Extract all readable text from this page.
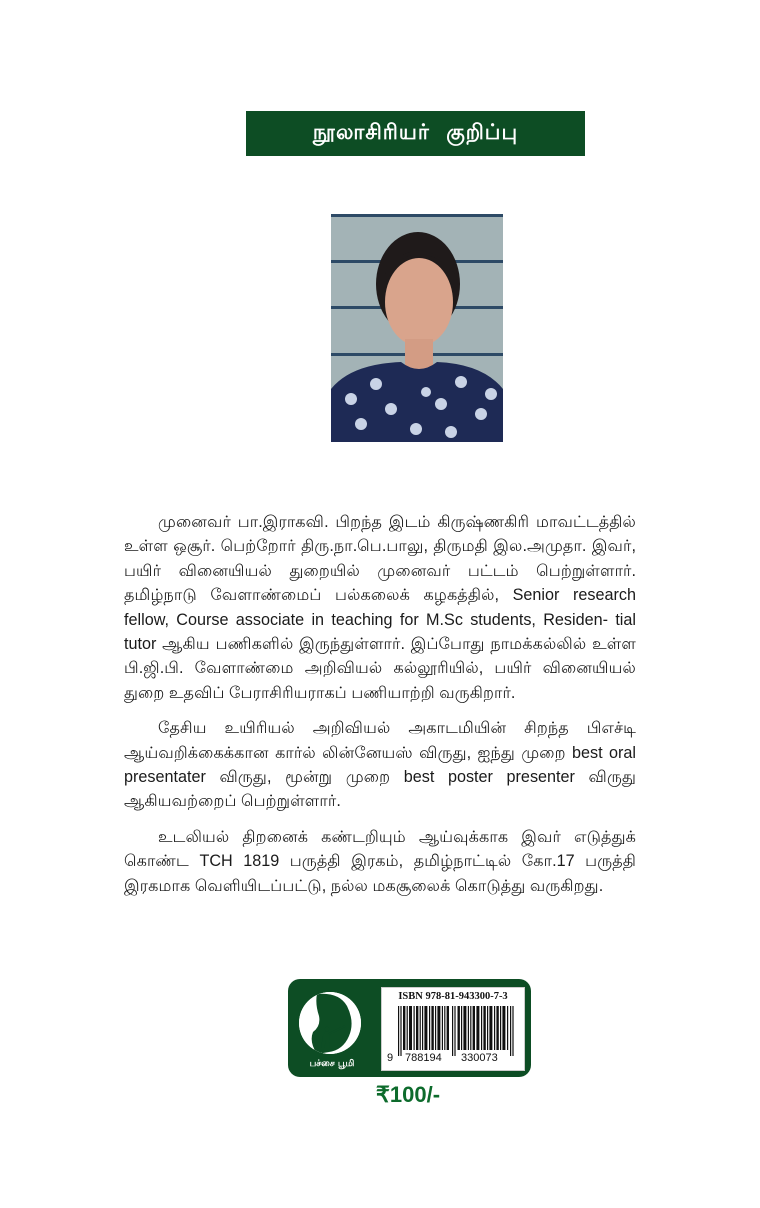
நூலாசிரியர் குறிப்பு

முனைவர் பா.இராகவி. பிறந்த இடம் கிருஷ்ணகிரி மாவட்டத்தில் உள்ள ஒசூர். பெற்றோர் திரு.நா.பெ.பாலு, திருமதி இல.அமுதா. இவர், பயிர் வினையியல் துறையில் முனைவர் பட்டம் பெற்றுள்ளார். தமிழ்நாடு வேளாண்மைப் பல்கலைக் கழகத்தில், Senior research fellow, Course associate in teaching for M.Sc students, Residen- tial tutor ஆகிய பணிகளில் இருந்துள்ளார். இப்போது நாமக்கல்லில் உள்ள பி.ஜி.பி. வேளாண்மை அறிவியல் கல்லூரியில், பயிர் வினையியல் துறை உதவிப் பேராசிரியராகப் பணியாற்றி வருகிறார்.

தேசிய உயிரியல் அறிவியல் அகாடமியின் சிறந்த பிஎச்டி ஆய்வறிக்கைக்கான கார்ல் லின்னேயஸ் விருது, ஐந்து முறை best oral presentater விருது, மூன்று முறை best poster presenter விருது ஆகியவற்றைப் பெற்றுள்ளார்.

உடலியல் திறனைக் கண்டறியும் ஆய்வுக்காக இவர் எடுத்துக் கொண்ட TCH 1819 பருத்தி இரகம், தமிழ்நாட்டில் கோ.17 பருத்தி இரகமாக வெளியிடப்பட்டு, நல்ல மகசூலைக் கொடுத்து வருகிறது.

பச்சை பூமி
ISBN 978-81-943300-7-3
9 788194 330073
₹100/-
